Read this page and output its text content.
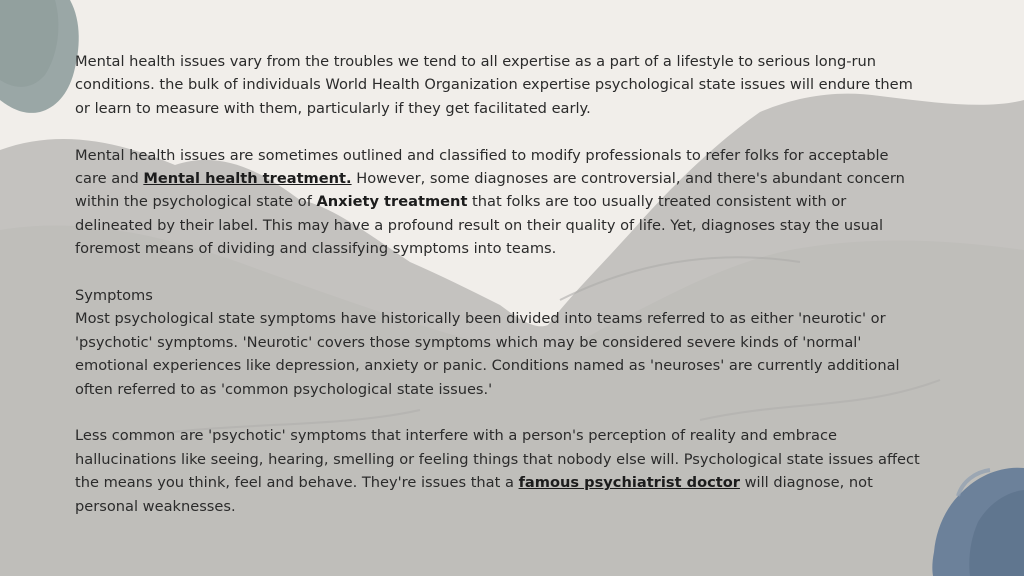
Mental health issues vary from the troubles we tend to all expertise as a part of a lifestyle to serious long-run conditions. the bulk of individuals World Health Organization expertise psychological state issues will endure them or learn to measure with them, particularly if they get facilitated early.

Mental health issues are sometimes outlined and classified to modify professionals to refer folks for acceptable care and Mental health treatment. However, some diagnoses are controversial, and there's abundant concern within the psychological state of Anxiety treatment that folks are too usually treated consistent with or delineated by their label. This may have a profound result on their quality of life. Yet, diagnoses stay the usual foremost means of dividing and classifying symptoms into teams.

Symptoms

Most psychological state symptoms have historically been divided into teams referred to as either 'neurotic' or 'psychotic' symptoms. 'Neurotic' covers those symptoms which may be considered severe kinds of 'normal' emotional experiences like depression, anxiety or panic. Conditions named as 'neuroses' are currently additional often referred to as 'common psychological state issues.'

Less common are 'psychotic' symptoms that interfere with a person's perception of reality and embrace hallucinations like seeing, hearing, smelling or feeling things that nobody else will. Psychological state issues affect the means you think, feel and behave. They're issues that a famous psychiatrist doctor will diagnose, not personal weaknesses.
